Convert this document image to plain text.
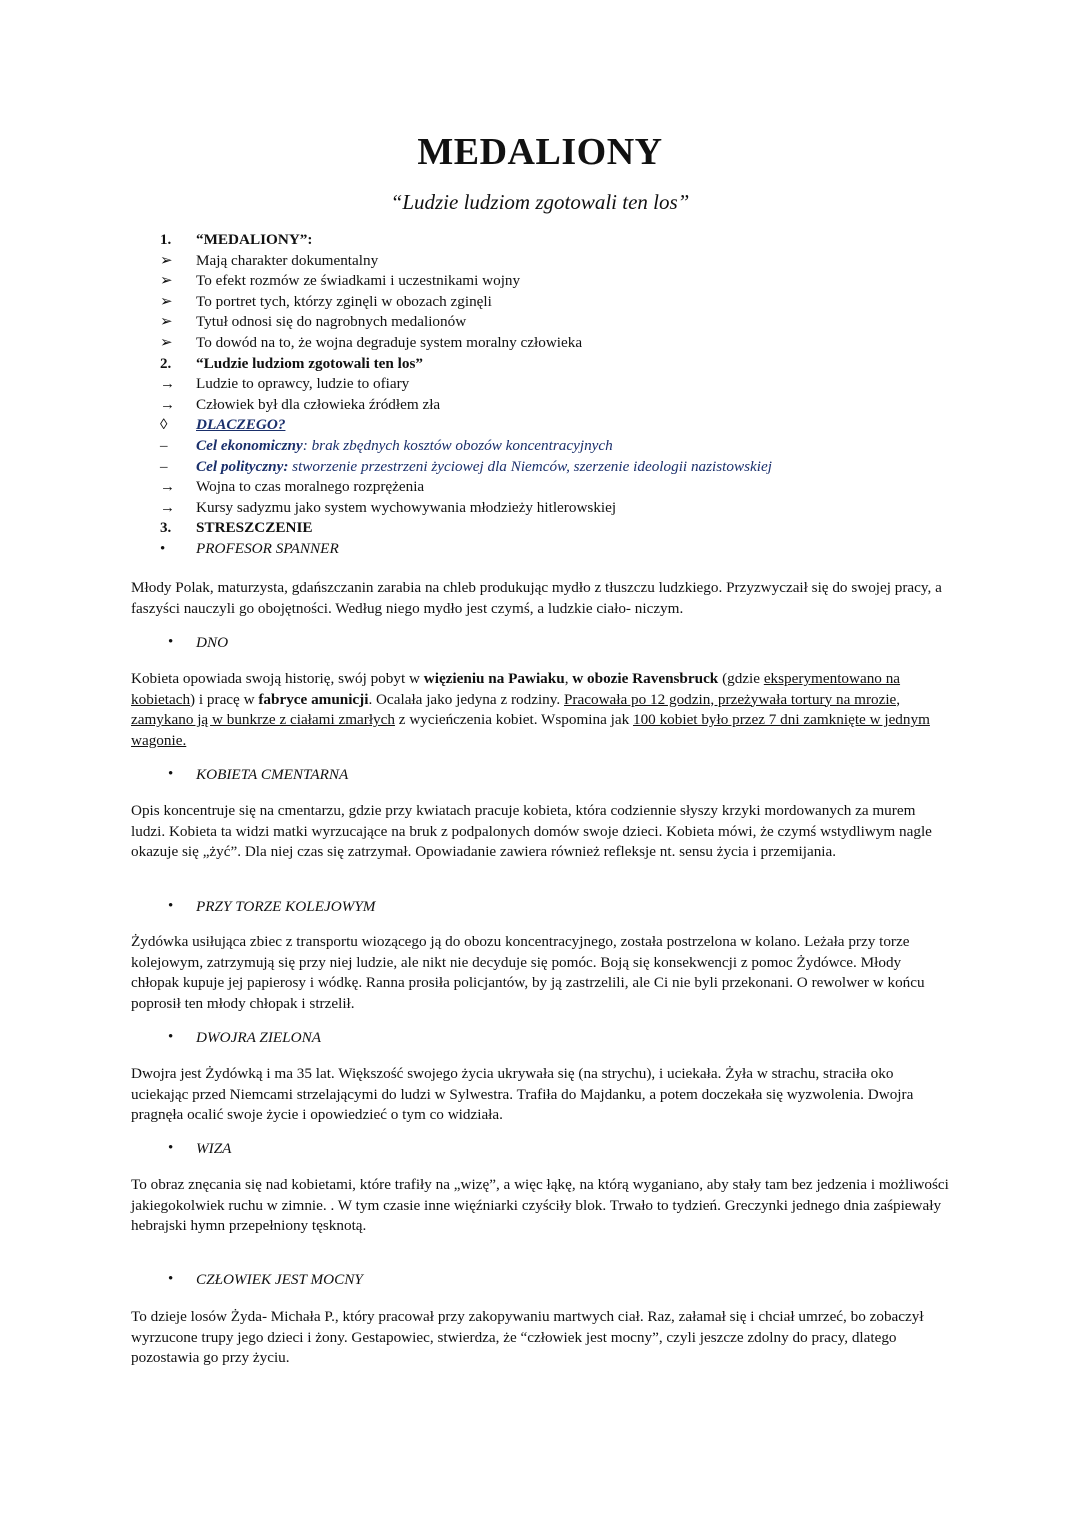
MEDALIONY
“Ludzie ludziom zgotowali ten los”
1.	“MEDALIONY”:
➢	Mają charakter dokumentalny
➢	To efekt rozmów ze świadkami i uczestnikami wojny
➢	To portret tych, którzy zginęli w obozach zginęli
➢	Tytuł odnosi się do nagrobnych medalionów
➢	To dowód na to, że wojna degraduje system moralny człowieka
2.	“Ludzie ludziom zgotowali ten los”
→	Ludzie to oprawcy, ludzie to ofiary
→	Człowiek był dla człowieka źródłem zła
◊	DLACZEGO?
–	Cel ekonomiczny : brak zbędnych kosztów obozów koncentracyjnych
–	Cel polityczny: stworzenie przestrzeni życiowej dla Niemców, szerzenie ideologii nazistowskiej
→	Wojna to czas moralnego rozprężenia
→	Kursy sadyzmu jako system wychowywania młodzieży hitlerowskiej
3.	STRESZCZENIE
•	PROFESOR SPANNER

Młody Polak, maturzysta, gdańszczanin zarabia na chleb produkując mydło z tłuszczu ludzkiego. Przyzwyczaił się do swojej pracy, a faszyści nauczyli go obojętności. Według niego mydło jest czymś, a ludzkie ciało- niczym.

•	DNO

Kobieta opowiada swoją historię, swój pobyt w więzieniu na Pawiaku, w obozie Ravensbruck (gdzie eksperymentowano na kobietach) i pracę w fabryce amunicji. Ocalała jako jedyna z rodziny. Pracowała po 12 godzin, przeżywała tortury na mrozie, zamykano ją w bunkrze z ciałami zmarłych z wycieńczenia kobiet. Wspomina jak 100 kobiet było przez 7 dni zamknięte w jednym wagonie.

•	KOBIETA CMENTARNA

Opis koncentruje się na cmentarzu, gdzie przy kwiatach pracuje kobieta, która codziennie słyszy krzyki mordowanych za murem ludzi. Kobieta ta widzi matki wyrzucające na bruk z podpalonych domów swoje dzieci. Kobieta mówi, że czymś wstydliwym nagle okazuje się „żyć”. Dla niej czas się zatrzymał. Opowiadanie zawiera również refleksje nt. sensu życia i przemijania.

•	PRZY TORZE KOLEJOWYM

Żydówka usiłująca zbiec z transportu wiozącego ją do obozu koncentracyjnego, została postrzelona w kolano. Leżała przy torze kolejowym, zatrzymują się przy niej ludzie, ale nikt nie decyduje się pomóc. Boją się konsekwencji z pomoc Żydówce. Młody chłopak kupuje jej papierosy i wódkę. Ranna prosiła policjantów, by ją zastrzelili, ale Ci nie byli przekonani. O rewolwer w końcu poprosił ten młody chłopak i strzelił.

•	DWOJRA ZIELONA

Dwojra jest Żydówką i ma 35 lat. Większość swojego życia ukrywała się (na strychu), i uciekała. Żyła w strachu, straciła oko uciekając przed Niemcami strzelającymi do ludzi w Sylwestra. Trafiła do Majdanku, a potem doczekała się wyzwolenia. Dwojra pragnęła ocalić swoje życie i opowiedzieć o tym co widziała.

•	WIZA

To obraz znęcania się nad kobietami, które trafiły na „wizę”, a więc łąkę, na którą wyganiano, aby stały tam bez jedzenia i możliwości jakiegokolwiek ruchu w zimnie. . W tym czasie inne więźniarki czyściły blok. Trwało to tydzień. Greczynki jednego dnia zaśpiewały hebrajski hymn przepełniony tęsknotą.

•	CZŁOWIEK JEST MOCNY

To dzieje losów Żyda- Michała P., który pracował przy zakopywaniu martwych ciał. Raz, załamał się i chciał umrzeć, bo zobaczył wyrzucone trupy jego dzieci i żony. Gestapowiec, stwierdza, że “człowiek jest mocny”, czyli jeszcze zdolny do pracy, dlatego pozostawia go przy życiu.
